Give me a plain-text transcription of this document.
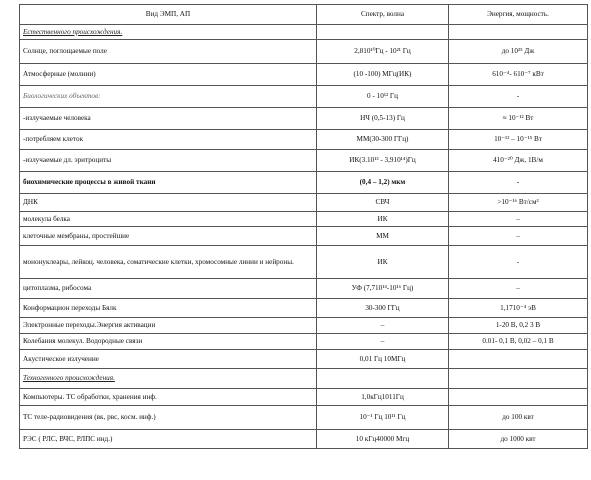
Вид ЭМП, АП	Спектр, волна	Энергия, мощность.
Естественного происхождения.		
Солнце, поглощаемые поле	2,810¹⁰Гц - 10²¹ Гц	до 10²⁵ Дж
Атмосферные (молнии)	(10 -100) МГц(ИК)	610⁻⁴- 610⁻⁷ кВт
Биологических объектов:	0 - 10¹² Гц	-
-излучаемые человека	НЧ (0,5-13) Гц	≈ 10⁻¹² Вт
-потребляем клеток	ММ(30-300 ГГц)	10⁻¹² – 10⁻¹⁵ Вт
-излучаемые дл. эритроциты	ИК(3.10¹³ - 3,910¹⁴)Гц	410⁻²⁰ Дж, 1В/м
биохимические процессы в живой ткани	(0,4 – 1,2) мкм	-
ДНК	СВЧ	>10⁻¹⁶ Вт/см²
молекула белка	ИК	–
клеточные мембраны, простейшие	ММ	–
мононуклеары, лейкоц. человека, соматические клетки, хромосомные линии и нейроны.	ИК	-
цитоплазма, рибосома	УФ (7,710¹⁴-10¹⁶ Гц)	–
Конформацион переходы Бялк	30-300 ГГц	1,1710⁻⁴ эВ
Электронные переходы.Энергия активации	–	1-20 В, 0,2 3 В
Колебания молекул. Водородные связи	–	0.01- 0,1 В, 0,02 – 0,1 В
Акустическое излучение	0,01 Гц 10МГц	
Техногенного происхождения.		
Компьютеры. ТС обработки, хранения инф.	1,0кГц1011Гц	
ТС теле-радиовидения (вк, рвс, косм. инф.)	10⁻¹ Гц 10¹¹ Гц	до 100 квт
РЭС ( РЛС, ВЧС, РЛПС инд.)	10 кГц40000 Мгц	до 1000 квт
